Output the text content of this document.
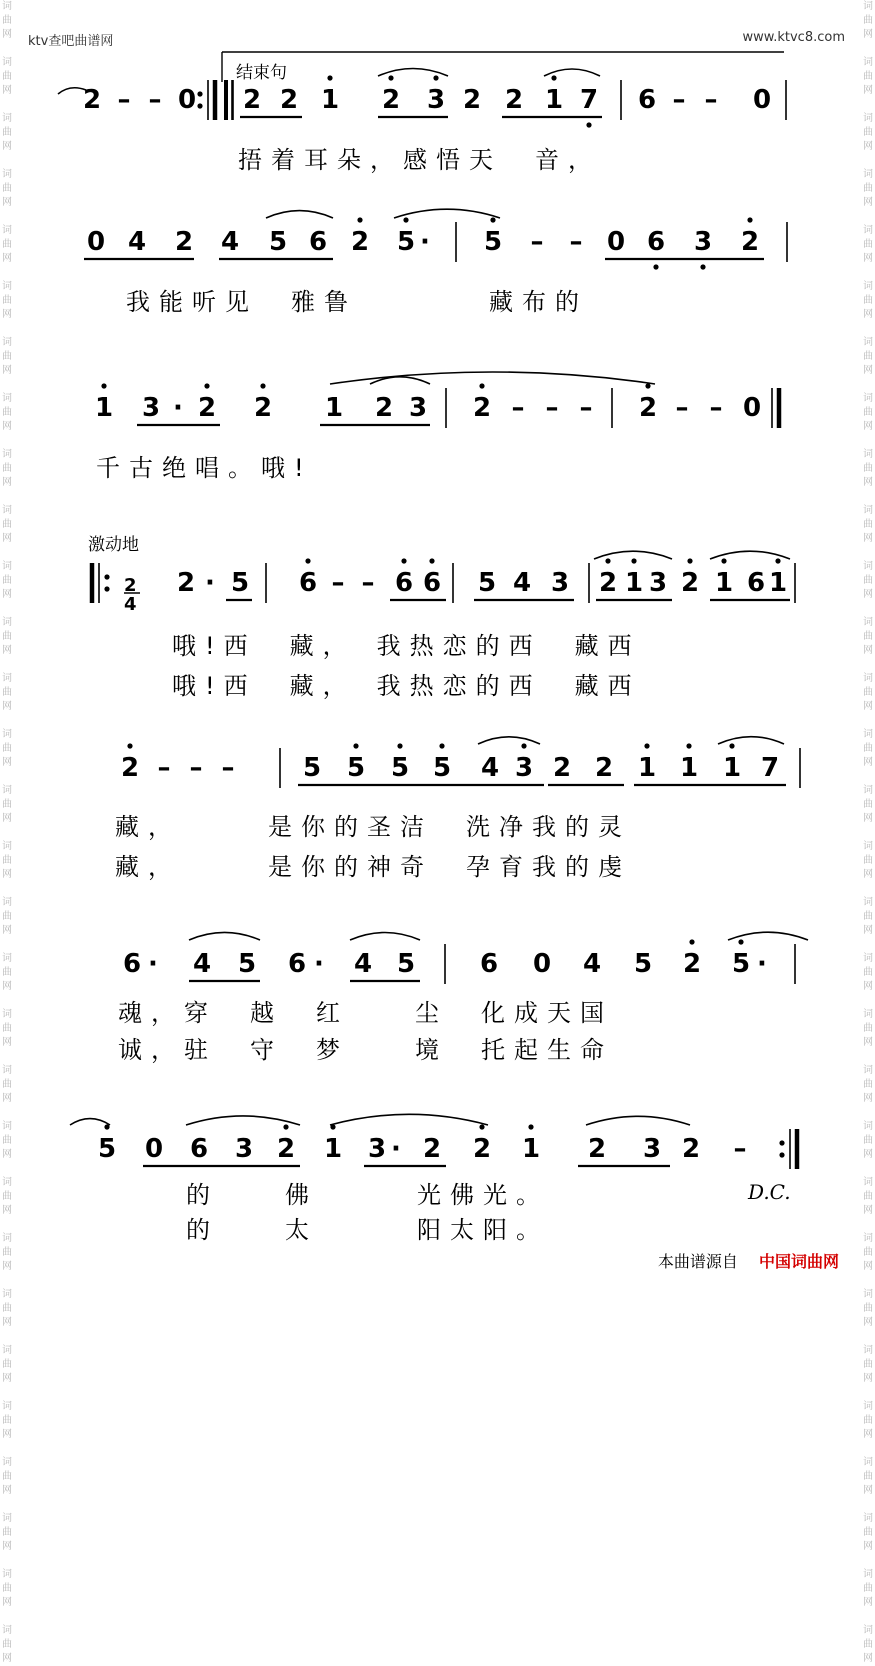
词
曲
网

词
曲
网

词
曲
网

词
曲
网

词
曲
网

词
曲
网

词
曲
网

词
曲
网

词
曲
网

词
曲
网

词
曲
网

词
曲
网

词
曲
网

词
曲
网

词
曲
网

词
曲
网

词
曲
网

词
曲
网

词
曲
网

词
曲
网

词
曲
网

词
曲
网

词
曲
网

词
曲
网

词
曲
网

词
曲
网

词
曲
网

词
曲
网

词
曲
网

词
曲
网

词
曲
网

词
曲
网

词
曲
网

词
曲
网

词
曲
网

词
曲
网

词
曲
网

词
曲
网

词
曲
网

词
曲
网

词
曲
网

词
曲
网

词
曲
网

词
曲
网

词
曲
网

词
曲
网

词
曲
网

词
曲
网

词
曲
网

词
曲
网

词
曲
网

词
曲
网

词
曲
网

词
曲
网

词
曲
网

词
曲
网

词
曲
网

词
曲
网

词
曲
网

词
曲
网

ktv查吧曲谱网	www.ktvc8.com
结束句
激动地
2
4
D.C.
2 – – 0 2 2 1 2 3 2 2 1 7 6 – – 0
0 4 2 4 5 6 2 5 ·	5 – – 0 6 3 2
1 3 · 2 2 1 2 3 2 – – – 2 – – 0
2 · 5 6 – – 6 6 5 4 3 2 1 3 2 1 6 1
2 – – –	5 5 5 5 4 3 2 2 1 1 1 7
6 ·	4 5 6 ·	4 5 6 0 4 5 2 5 ·
5 0 6 3 2 1 3 · 2 2 1 2 3 2 –
捂着耳朵，感悟天　音，
我能听见　雅鲁　　　　藏布的
千古绝唱。哦!
哦!西　藏，　我热恋的西　藏西
哦!西　藏，　我热恋的西　藏西
藏，　　　是你的圣洁　洗净我的灵
藏，　　　是你的神奇　孕育我的虔
魂，穿　越　红　　尘　化成天国
诚，驻　守　梦　　境　托起生命
的　　佛　　　光佛光。
的　　太　　　阳太阳。
本曲谱源自 中国词曲网
